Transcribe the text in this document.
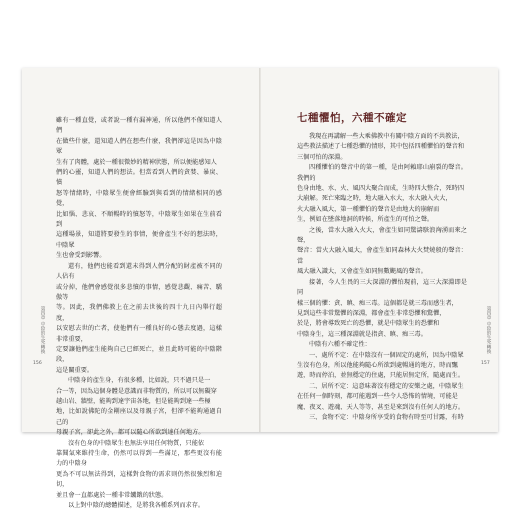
雖有一種直覺，或者說一種有漏神通，所以他們不僅知道人們

在做些什麼，還知道人們在想些什麼，我們卻這是因為中陰眾

生有了肉體，處於一種很微妙的精神狀態，所以便能感知人

們的心靈，知道人們的想法。但當看到人們的貪婪、暴戾、憤

怒等情緒時，中陰眾生便會經驗到與看到的情緒相同的感覺，

比如惱、悲哀、不順暢時的憤怒等，中陰眾生如果在生前看到

這種場景，知道將要發生的事情，便會產生不好的想法時，中陰眾

生也會受到影響。

還有，他們也能看到還未得到人們分配的財產被不同的人佔有

或分掉，他們會感覺很多悲憤的事情，感覺悲觀、痛苦、驕傲等

等。因此，我們佛教上在之前去世後的四十九日內舉行超度，

以安慰去世的亡者，使他們有一種良好的心態去度過，這樣非常重要，

定要讓他們產生能夠自己已經死亡，並且此時可能的中陰階段，

這是關重要。

中陰身的產生身，有很多種，比如說，只不過只是一

合一等，因為這個身體是意識而非物質的，所以可以無礙穿

越山岩、牆壁，能夠到達宇宙各地，但是能夠到達一些極

地，比如說佛陀的金剛座以及母親子宮，但卻不能夠通過自己的

母親子宮，卻此之外，都可以隨心所欲到達任何地方。

沒有色身的中陰眾生也無法享用任何物質，只能依

靠聞氣來維持生命，仍然可以得到一些滿足，那些更沒有能力的中陰身

更為不可以無法得到，這樣對食物的需求則仍然很強烈和迫切，

並且會一直都處於一種非常饑餓的狀態。

以上對中陰的總體描述，是將我各種系列而求存。

第四章 中陰的生死轉換
156
七種懼怕，六種不確定

我現在再講解一些大乘佛教中有關中陰方面的不共教法，

這些教法描述了七種恐懼的情形，其中包括四種懼怕的聲音和

三個可怕的深淵。

四種懼怕的聲音中的第一種，是由阿賴耶山崩裂的聲音。我們的

色身由地、水、火、風四大聚合而成，生時四大整合，死時四

大崩解。死亡來臨之時，地大融入水大，水大融入火大，

火大融入風大，第一種懼怕的聲音是由地大的崩解而

生，例如在墜落地洞的時候，所產生的可怕之聲。

之後，當水大融入火大，會產生如同驚濤駭浪洶湧而來之聲，

聲音：當火大融入風大，會產生如同森林大火焚燒般的聲音：當

風大融入識大，又會產生如同無數颶風的聲音。

接著，今人生畏的三大深淵的懼怕現前，這三大深淵即是同

樣三個的懼：貪、瞋、痴三毒。這個都是就三毒而感生者，

見到這些非常驚懼的深淵，都會產生非常恐懼和驚懼，

於是，將會導致死亡的恐懼，就是中陰眾生的恐懼和

中陰身生，這三種深淵就是指貪、瞋、痴三毒。

中陰有六種不確定性：

一、處所不定：在中陰沒有一個固定的處所，因為中陰眾

生沒有色身，所以他能夠隨心所欲到處暢通的地方，時而飄

遊，時而停泊，並無穩定的住處，只能居無定所，隨處而生。

二、居所不定：這意味著沒有穩定的安樂之處，中陰眾生

在任何一個時刻，都可能遇到一些令人恐怖的情境，可能是

魔、夜叉、遊魂、天人等等，甚至是來到沒有任何人的地方。

三、食物不定：中陰身所享受的食物有時至可甘露，有時

第四章 中陰的生死轉換
157
